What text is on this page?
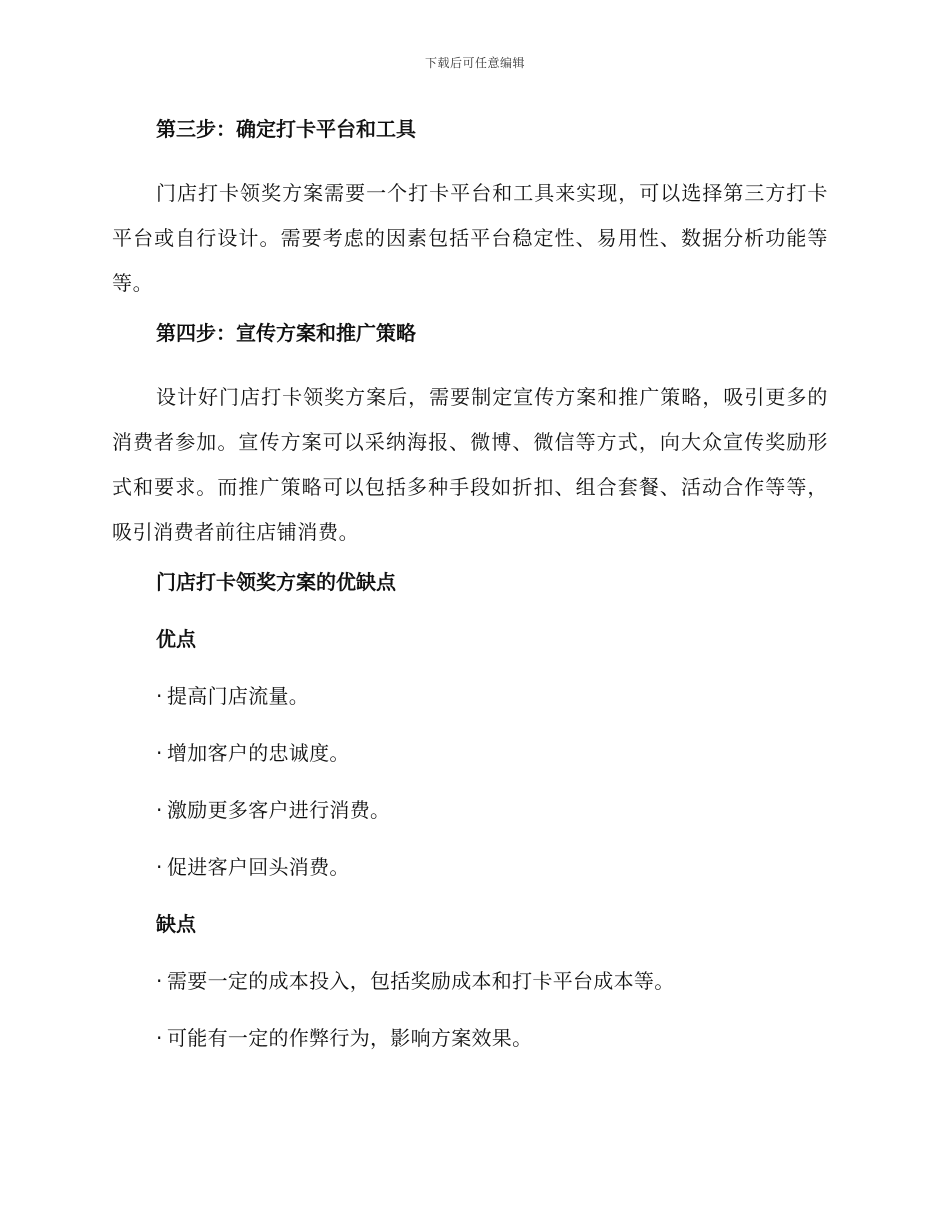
下载后可任意编辑
第三步：确定打卡平台和工具
门店打卡领奖方案需要一个打卡平台和工具来实现，可以选择第三方打卡平台或自行设计。需要考虑的因素包括平台稳定性、易用性、数据分析功能等等。
第四步：宣传方案和推广策略
设计好门店打卡领奖方案后，需要制定宣传方案和推广策略，吸引更多的消费者参加。宣传方案可以采纳海报、微博、微信等方式，向大众宣传奖励形式和要求。而推广策略可以包括多种手段如折扣、组合套餐、活动合作等等，吸引消费者前往店铺消费。
门店打卡领奖方案的优缺点
优点
· 提高门店流量。
· 增加客户的忠诚度。
· 激励更多客户进行消费。
· 促进客户回头消费。
缺点
· 需要一定的成本投入，包括奖励成本和打卡平台成本等。
· 可能有一定的作弊行为，影响方案效果。
